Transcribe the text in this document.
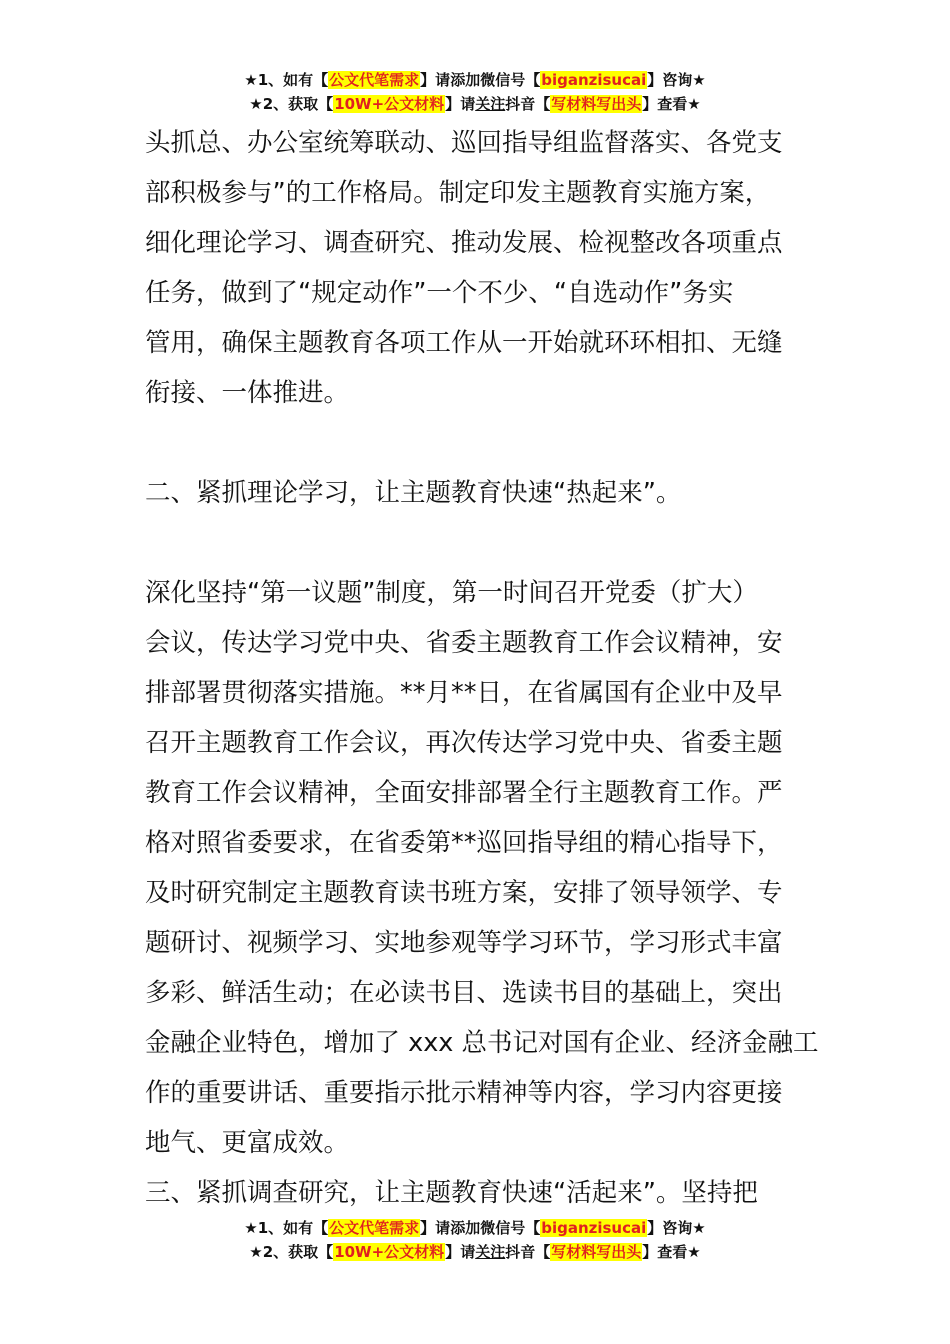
★1、如有【公文代笔需求】请添加微信号【biganzisucai】咨询★
★2、获取【10W+公文材料】请关注抖音【写材料写出头】查看★

头抓总、办公室统筹联动、巡回指导组监督落实、各党支

部积极参与”的工作格局。制定印发主题教育实施方案，

细化理论学习、调查研究、推动发展、检视整改各项重点

任务，做到了“规定动作”一个不少、“自选动作”务实

管用，确保主题教育各项工作从一开始就环环相扣、无缝

衔接、一体推进。

二、紧抓理论学习，让主题教育快速“热起来”。

深化坚持“第一议题”制度，第一时间召开党委（扩大）

会议，传达学习党中央、省委主题教育工作会议精神，安

排部署贯彻落实措施。**月**日，在省属国有企业中及早

召开主题教育工作会议，再次传达学习党中央、省委主题

教育工作会议精神，全面安排部署全行主题教育工作。严

格对照省委要求，在省委第**巡回指导组的精心指导下，

及时研究制定主题教育读书班方案，安排了领导领学、专

题研讨、视频学习、实地参观等学习环节，学习形式丰富

多彩、鲜活生动；在必读书目、选读书目的基础上，突出

金融企业特色，增加了 xxx 总书记对国有企业、经济金融工

作的重要讲话、重要指示批示精神等内容，学习内容更接

地气、更富成效。

三、紧抓调查研究，让主题教育快速“活起来”。坚持把

★1、如有【公文代笔需求】请添加微信号【biganzisucai】咨询★
★2、获取【10W+公文材料】请关注抖音【写材料写出头】查看★
